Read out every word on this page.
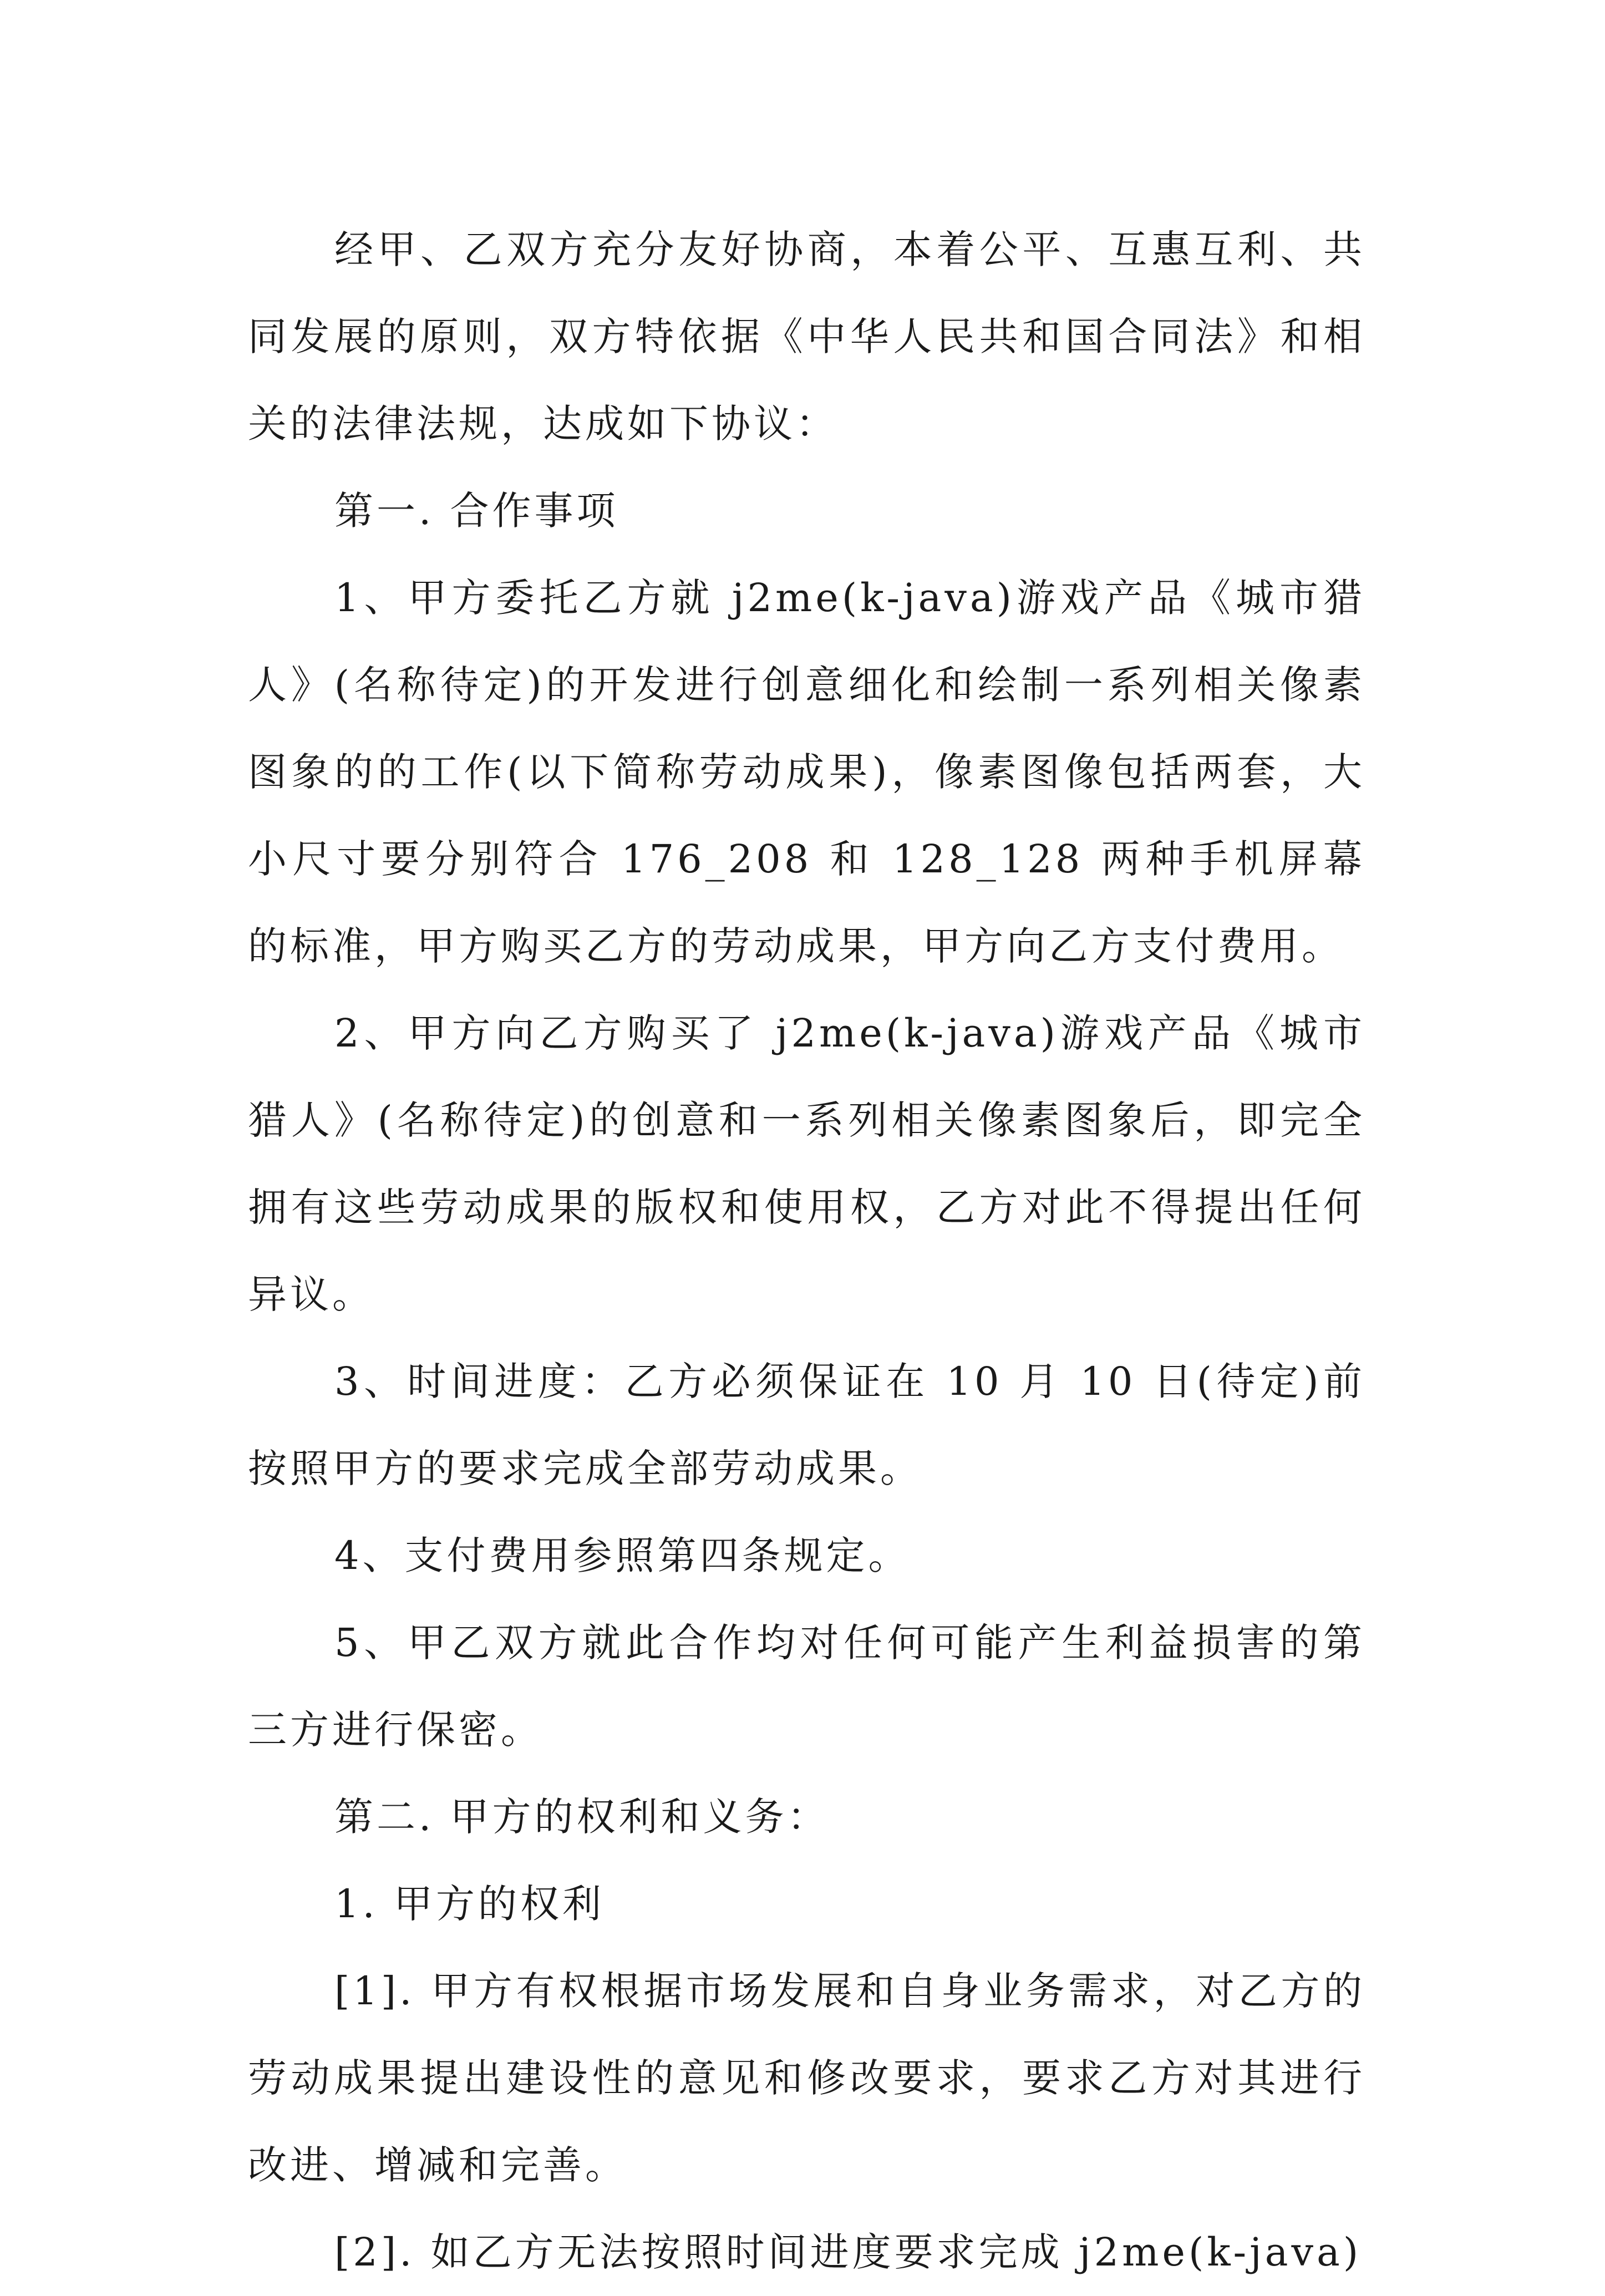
经甲、乙双方充分友好协商，本着公平、互惠互利、共同发展的原则，双方特依据《中华人民共和国合同法》和相关的法律法规，达成如下协议：

第一. 合作事项

1、甲方委托乙方就 j2me(k-java)游戏产品《城市猎人》(名称待定)的开发进行创意细化和绘制一系列相关像素图象的的工作(以下简称劳动成果)，像素图像包括两套，大小尺寸要分别符合 176_208 和 128_128 两种手机屏幕的标准，甲方购买乙方的劳动成果，甲方向乙方支付费用。

2、甲方向乙方购买了 j2me(k-java)游戏产品《城市猎人》(名称待定)的创意和一系列相关像素图象后，即完全拥有这些劳动成果的版权和使用权，乙方对此不得提出任何异议。

3、时间进度：乙方必须保证在 10 月 10 日(待定)前按照甲方的要求完成全部劳动成果。

4、支付费用参照第四条规定。

5、甲乙双方就此合作均对任何可能产生利益损害的第三方进行保密。

第二. 甲方的权利和义务：

1. 甲方的权利

[1]. 甲方有权根据市场发展和自身业务需求，对乙方的劳动成果提出建设性的意见和修改要求，要求乙方对其进行改进、增减和完善。

[2]. 如乙方无法按照时间进度要求完成 j2me(k-java)
